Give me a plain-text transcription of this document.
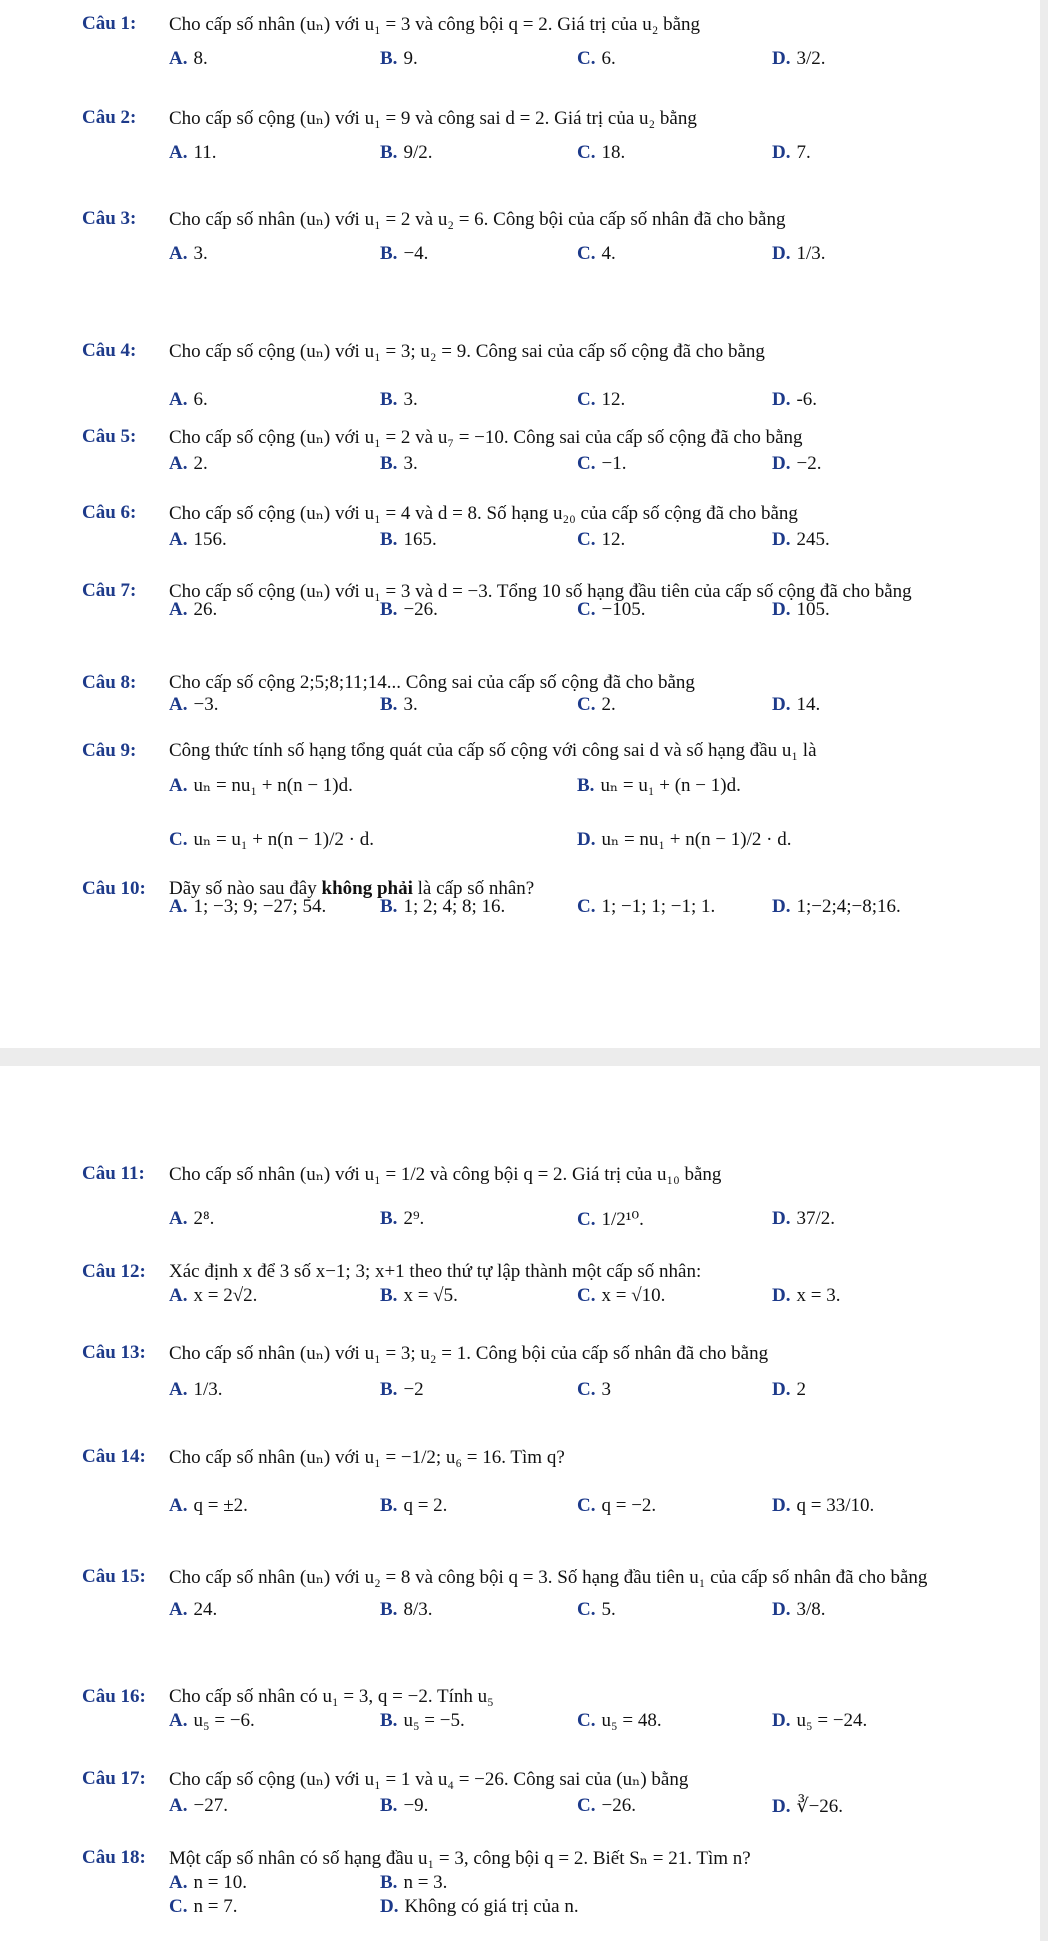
Câu 1:	Cho cấp số nhân (uₙ) với u₁ = 3 và công bội q = 2. Giá trị của u₂ bằng
A. 8.	B. 9.	C. 6.	D. 3/2.
Câu 2:	Cho cấp số cộng (uₙ) với u₁ = 9 và công sai d = 2. Giá trị của u₂ bằng
A. 11.	B. 9/2.	C. 18.	D. 7.
Câu 3:	Cho cấp số nhân (uₙ) với u₁ = 2 và u₂ = 6. Công bội của cấp số nhân đã cho bằng
A. 3.	B. −4.	C. 4.	D. 1/3.
Câu 4:	Cho cấp số cộng (uₙ) với u₁ = 3; u₂ = 9. Công sai của cấp số cộng đã cho bằng
A. 6.	B. 3.	C. 12.	D. -6.
Câu 5:	Cho cấp số cộng (uₙ) với u₁ = 2 và u₇ = −10. Công sai của cấp số cộng đã cho bằng
A. 2.	B. 3.	C. −1.	D. −2.
Câu 6:	Cho cấp số cộng (uₙ) với u₁ = 4 và d = 8. Số hạng u₂₀ của cấp số cộng đã cho bằng
A. 156.	B. 165.	C. 12.	D. 245.
Câu 7:	Cho cấp số cộng (uₙ) với u₁ = 3 và d = −3. Tổng 10 số hạng đầu tiên của cấp số cộng đã cho bằng
A. 26.	B. −26.	C. −105.	D. 105.
Câu 8:	Cho cấp số cộng 2;5;8;11;14... Công sai của cấp số cộng đã cho bằng
A. −3.	B. 3.	C. 2.	D. 14.
Câu 9:	Công thức tính số hạng tổng quát của cấp số cộng với công sai d và số hạng đầu u₁ là
A. uₙ = nu₁ + n(n − 1)d.	B. uₙ = u₁ + (n − 1)d.
C. uₙ = u₁ + n(n − 1)/2 · d.	D. uₙ = nu₁ + n(n − 1)/2 · d.
Câu 10:	Dãy số nào sau đây không phải là cấp số nhân?
A. 1; −3; 9; −27; 54.	B. 1; 2; 4; 8; 16.	C. 1; −1; 1; −1; 1.	D. 1;−2;4;−8;16.
Câu 11:	Cho cấp số nhân (uₙ) với u₁ = 1/2 và công bội q = 2. Giá trị của u₁₀ bằng
A. 2⁸.	B. 2⁹.	C. 1/2¹⁰.	D. 37/2.
Câu 12:	Xác định x để 3 số x−1; 3; x+1 theo thứ tự lập thành một cấp số nhân:
A. x = 2√2.	B. x = √5.	C. x = √10.	D. x = 3.
Câu 13:	Cho cấp số nhân (uₙ) với u₁ = 3; u₂ = 1. Công bội của cấp số nhân đã cho bằng
A. 1/3.	B. −2	C. 3	D. 2
Câu 14:	Cho cấp số nhân (uₙ) với u₁ = −1/2; u₆ = 16. Tìm q?
A. q = ±2.	B. q = 2.	C. q = −2.	D. q = 33/10.
Câu 15:	Cho cấp số nhân (uₙ) với u₂ = 8 và công bội q = 3. Số hạng đầu tiên u₁ của cấp số nhân đã cho bằng
A. 24.	B. 8/3.	C. 5.	D. 3/8.
Câu 16:	Cho cấp số nhân có u₁ = 3, q = −2. Tính u₅
A. u₅ = −6.	B. u₅ = −5.	C. u₅ = 48.	D. u₅ = −24.
Câu 17:	Cho cấp số cộng (uₙ) với u₁ = 1 và u₄ = −26. Công sai của (uₙ) bằng
A. −27.	B. −9.	C. −26.	D. ∛−26.
Câu 18:	Một cấp số nhân có số hạng đầu u₁ = 3, công bội q = 2. Biết Sₙ = 21. Tìm n?
A. n = 10.	B. n = 3.
C. n = 7.	D. Không có giá trị của n.
